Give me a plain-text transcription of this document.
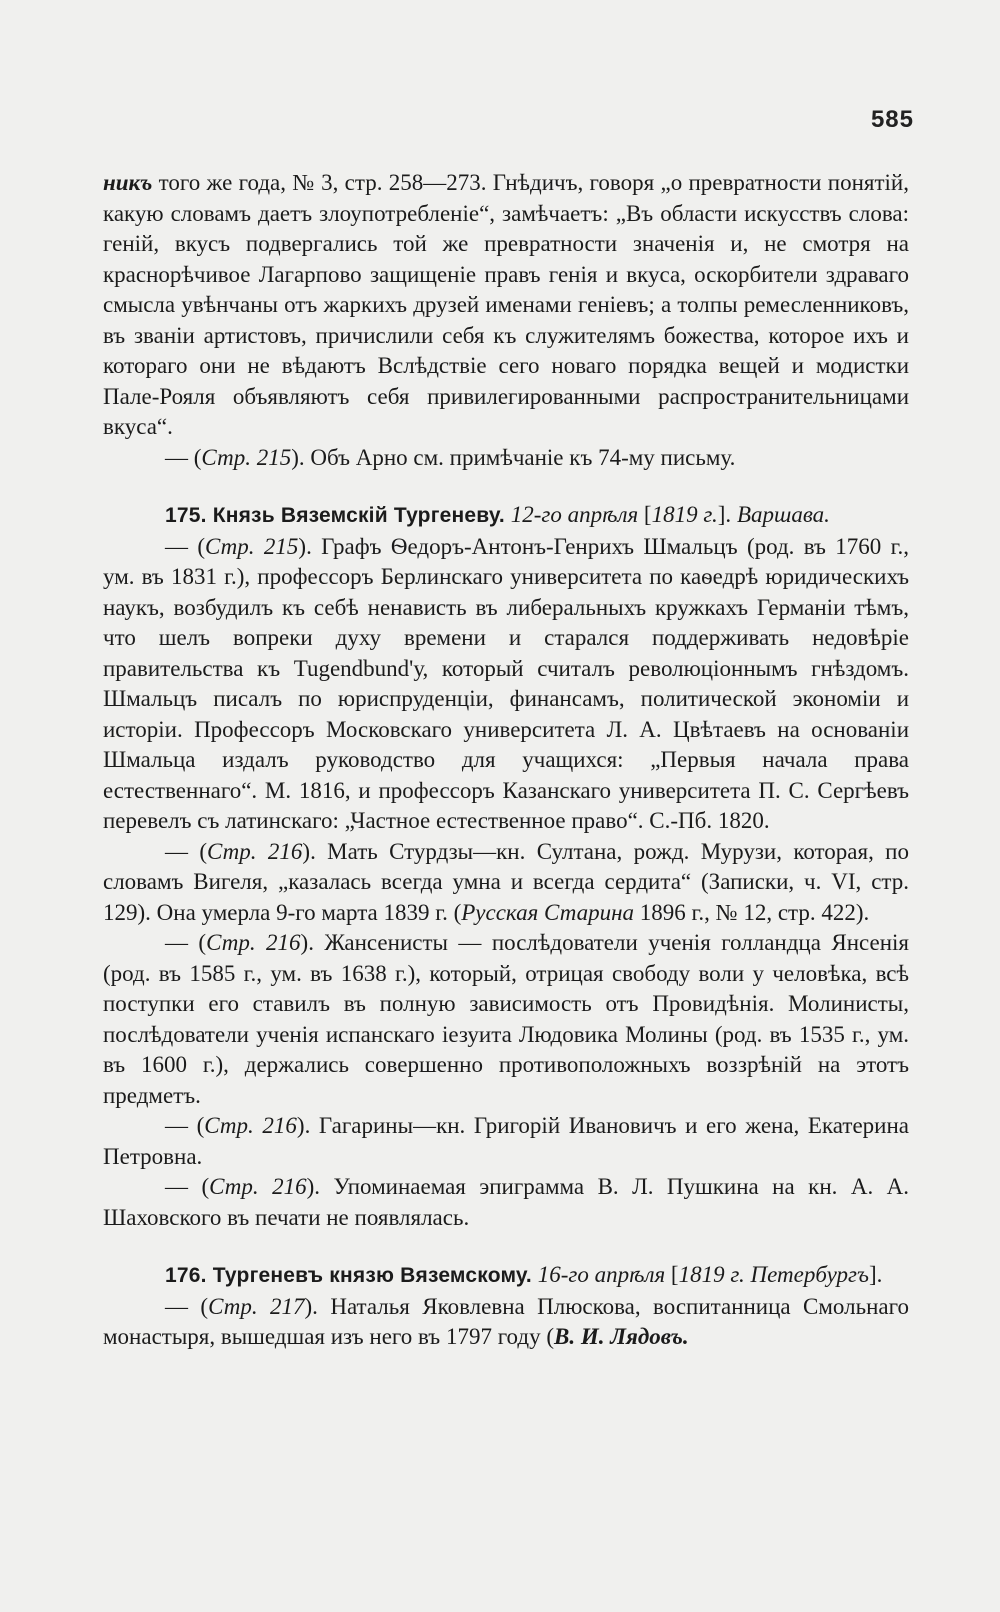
585

никъ того же года, № 3, стр. 258—273. Гнѣдичъ, говоря „о превратности понятій, какую словамъ даетъ злоупотребленіе“, замѣчаетъ: „Въ области искусствъ слова: геній, вкусъ подвергались той же превратности значенія и, не смотря на краснорѣчивое Лагарпово защищеніе правъ генія и вкуса, оскорбители здраваго смысла увѣнчаны отъ жаркихъ друзей именами геніевъ; а толпы ремесленниковъ, въ званіи артистовъ, причислили себя къ служителямъ божества, которое ихъ и котораго они не вѣдаютъ Вслѣдствіе сего новаго порядка вещей и модистки Пале-Рояля объявляютъ себя привилегированными распространительницами вкуса“.

— (Стр. 215). Объ Арно см. примѣчаніе къ 74-му письму.

175. Князь Вяземскій Тургеневу. 12-го апрѣля [1819 г.]. Варшава.

— (Стр. 215). Графъ Ѳедоръ-Антонъ-Генрихъ Шмальцъ (род. въ 1760 г., ум. въ 1831 г.), профессоръ Берлинскаго университета по каѳедрѣ юридическихъ наукъ, возбудилъ къ себѣ ненависть въ либеральныхъ кружкахъ Германіи тѣмъ, что шелъ вопреки духу времени и старался поддерживать недовѣріе правительства къ Tugendbund'у, который считалъ революціоннымъ гнѣздомъ. Шмальцъ писалъ по юриспруденціи, финансамъ, политической экономіи и исторіи. Профессоръ Московскаго университета Л. А. Цвѣтаевъ на основаніи Шмальца издалъ руководство для учащихся: „Первыя начала права естественнаго“. М. 1816, и профессоръ Казанскаго университета П. С. Сергѣевъ перевелъ съ латинскаго: „Частное естественное право“. С.-Пб. 1820.

— (Стр. 216). Мать Стурдзы—кн. Султана, рожд. Мурузи, которая, по словамъ Вигеля, „казалась всегда умна и всегда сердита“ (Записки, ч. VI, стр. 129). Она умерла 9-го марта 1839 г. (Русская Старина 1896 г., № 12, стр. 422).

— (Стр. 216). Жансенисты — послѣдователи ученія голландца Янсенія (род. въ 1585 г., ум. въ 1638 г.), который, отрицая свободу воли у человѣка, всѣ поступки его ставилъ въ полную зависимость отъ Провидѣнія. Молинисты, послѣдователи ученія испанскаго іезуита Людовика Молины (род. въ 1535 г., ум. въ 1600 г.), держались совершенно противоположныхъ воззрѣній на этотъ предметъ.

— (Стр. 216). Гагарины—кн. Григорій Ивановичъ и его жена, Екатерина Петровна.

— (Стр. 216). Упоминаемая эпиграмма В. Л. Пушкина на кн. А. А. Шаховского въ печати не появлялась.

176. Тургеневъ князю Вяземскому. 16-го апрѣля [1819 г. Петербургъ].

— (Стр. 217). Наталья Яковлевна Плюскова, воспитанница Смольнаго монастыря, вышедшая изъ него въ 1797 году (В. И. Лядовъ.
